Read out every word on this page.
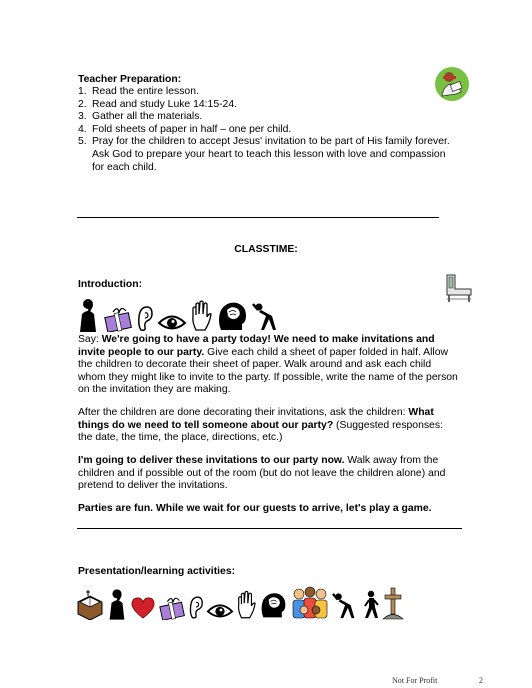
Teacher Preparation:
1. Read the entire lesson.
2. Read and study Luke 14:15-24.
3. Gather all the materials.
4. Fold sheets of paper in half – one per child.
5. Pray for the children to accept Jesus' invitation to be part of His family forever. Ask God to prepare your heart to teach this lesson with love and compassion for each child.
CLASSTIME:
Introduction:

Say: We're going to have a party today! We need to make invitations and invite people to our party. Give each child a sheet of paper folded in half. Allow the children to decorate their sheet of paper. Walk around and ask each child whom they might like to invite to the party. If possible, write the name of the person on the invitation they are making.

After the children are done decorating their invitations, ask the children: What things do we need to tell someone about our party? (Suggested responses: the date, the time, the place, directions, etc.)

I'm going to deliver these invitations to our party now. Walk away from the children and if possible out of the room (but do not leave the children alone) and pretend to deliver the invitations.

Parties are fun. While we wait for our guests to arrive, let's play a game.

Presentation/learning activities:
Not For Profit	2
